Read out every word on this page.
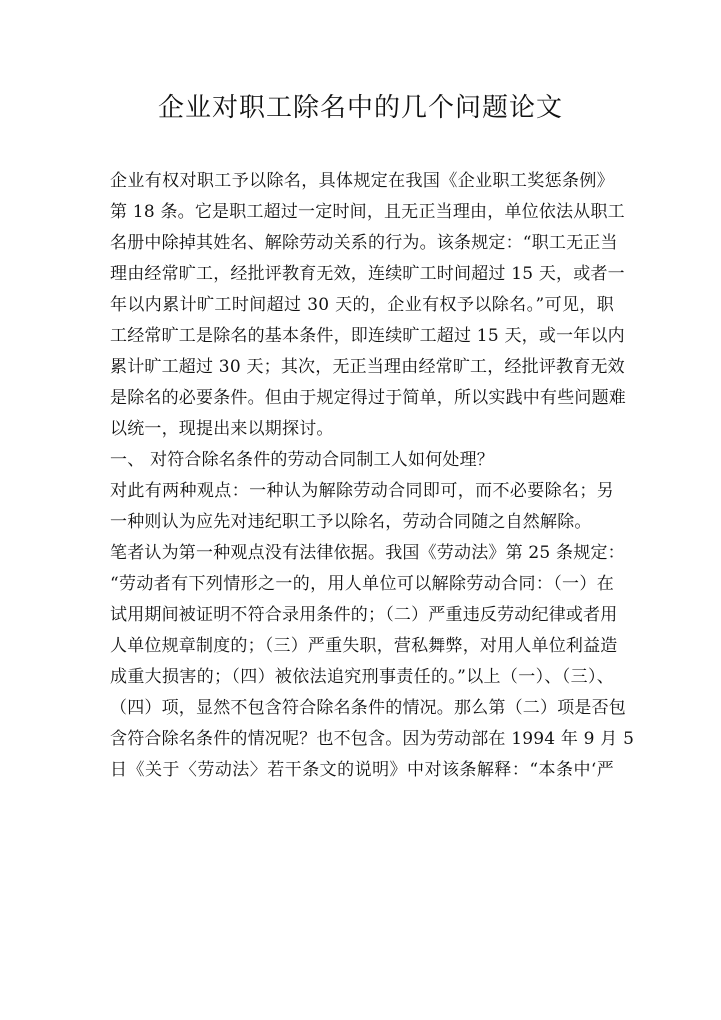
企业对职工除名中的几个问题论文
企业有权对职工予以除名，具体规定在我国《企业职工奖惩条例》
第 18 条。它是职工超过一定时间，且无正当理由，单位依法从职工
名册中除掉其姓名、解除劳动关系的行为。该条规定：“职工无正当
理由经常旷工，经批评教育无效，连续旷工时间超过 15 天，或者一
年以内累计旷工时间超过 30 天的，企业有权予以除名。”可见，职
工经常旷工是除名的基本条件，即连续旷工超过 15 天，或一年以内
累计旷工超过 30 天；其次，无正当理由经常旷工，经批评教育无效
是除名的必要条件。但由于规定得过于简单，所以实践中有些问题难
以统一，现提出来以期探讨。
一、 对符合除名条件的劳动合同制工人如何处理？
对此有两种观点：一种认为解除劳动合同即可，而不必要除名；另
一种则认为应先对违纪职工予以除名，劳动合同随之自然解除。
笔者认为第一种观点没有法律依据。我国《劳动法》第 25 条规定：
“劳动者有下列情形之一的，用人单位可以解除劳动合同：（一）在
试用期间被证明不符合录用条件的；（二）严重违反劳动纪律或者用
人单位规章制度的；（三）严重失职，营私舞弊，对用人单位利益造
成重大损害的；（四）被依法追究刑事责任的。”以上（一）、（三）、
（四）项，显然不包含符合除名条件的情况。那么第（二）项是否包
含符合除名条件的情况呢？也不包含。因为劳动部在 1994 年 9 月 5
日《关于〈劳动法〉若干条文的说明》中对该条解释：“本条中‘严
